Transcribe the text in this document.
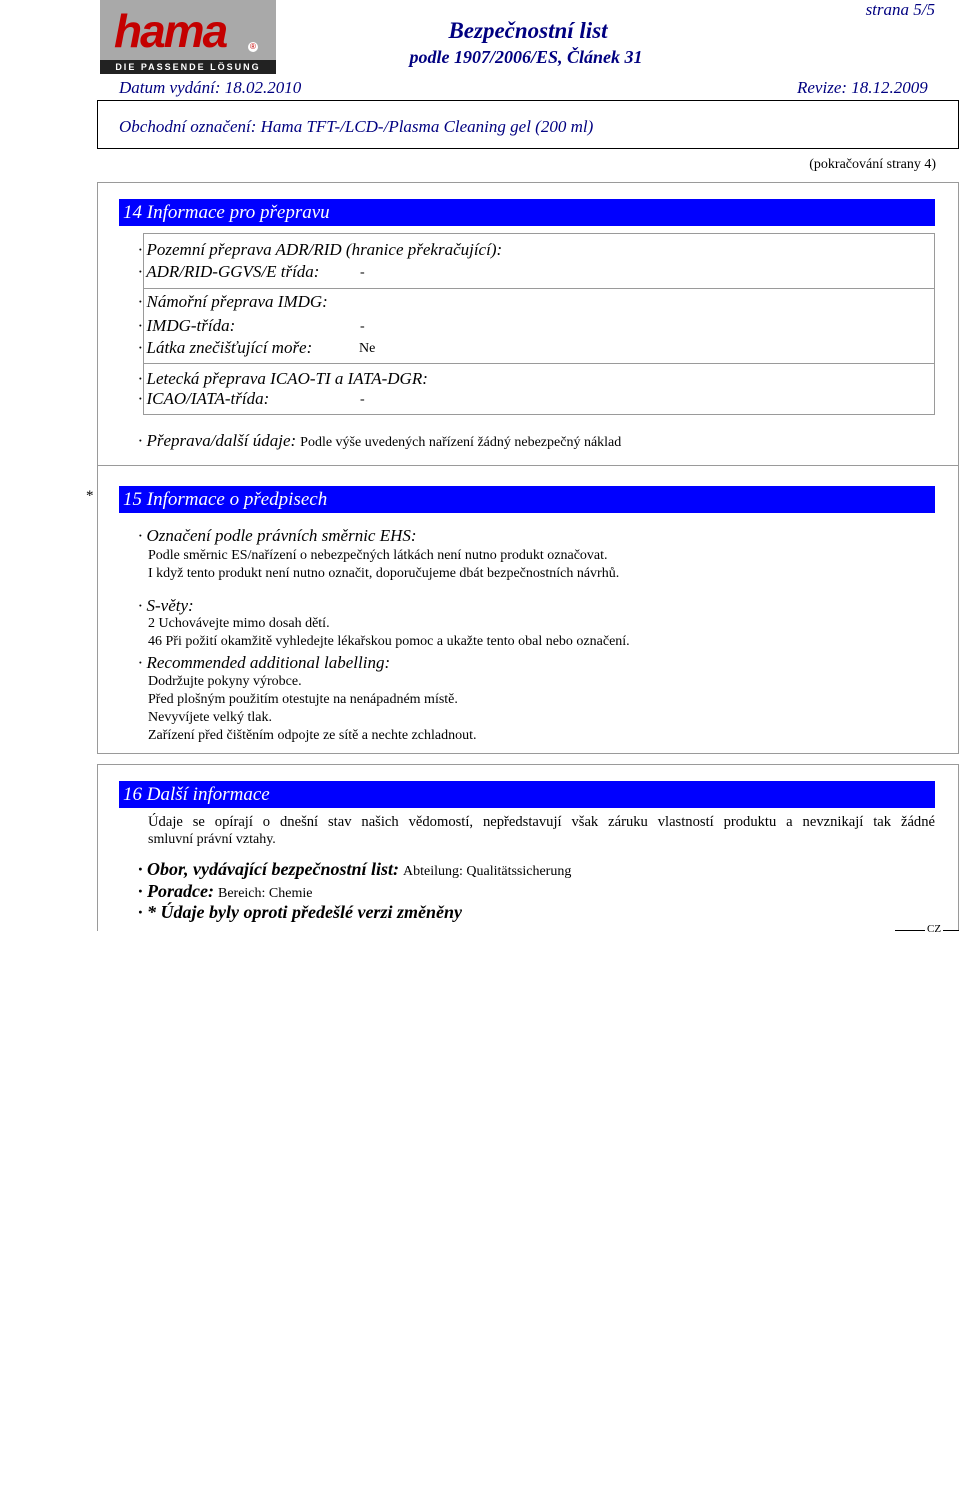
hama	®
DIE PASSENDE LÖSUNG
strana 5/5
Bezpečnostní list
podle 1907/2006/ES, Článek 31
Datum vydání: 18.02.2010	Revize: 18.12.2009
Obchodní označení: Hama TFT-/LCD-/Plasma Cleaning gel (200 ml)
(pokračování strany 4)
14 Informace pro přepravu
· Pozemní přeprava ADR/RID (hranice překračující):
· ADR/RID-GGVS/E třída:	-
· Námořní přeprava IMDG:
· IMDG-třída:	-
· Látka znečišťující moře:	Ne
· Letecká přeprava ICAO-TI a IATA-DGR:
· ICAO/IATA-třída:	-
· Přeprava/další údaje: Podle výše uvedených nařízení žádný nebezpečný náklad
* 15 Informace o předpisech
· Označení podle právních směrnic EHS:
Podle směrnic ES/nařízení o nebezpečných látkách není nutno produkt označovat.
I když tento produkt není nutno označit, doporučujeme dbát bezpečnostních návrhů.
· S-věty:
2 Uchovávejte mimo dosah dětí.
46 Při požití okamžitě vyhledejte lékařskou pomoc a ukažte tento obal nebo označení.
· Recommended additional labelling:
Dodržujte pokyny výrobce.
Před plošným použitím otestujte na nenápadném místě.
Nevyvíjete velký tlak.
Zařízení před čištěním odpojte ze sítě a nechte zchladnout.
16 Další informace
Údaje se opírají o dnešní stav našich vědomostí, nepředstavují však záruku vlastností produktu a nevznikají tak žádné
smluvní právní vztahy.
· Obor, vydávající bezpečnostní list: Abteilung: Qualitätssicherung
· Poradce: Bereich: Chemie
· * Údaje byly oproti předešlé verzi změněny
CZ
